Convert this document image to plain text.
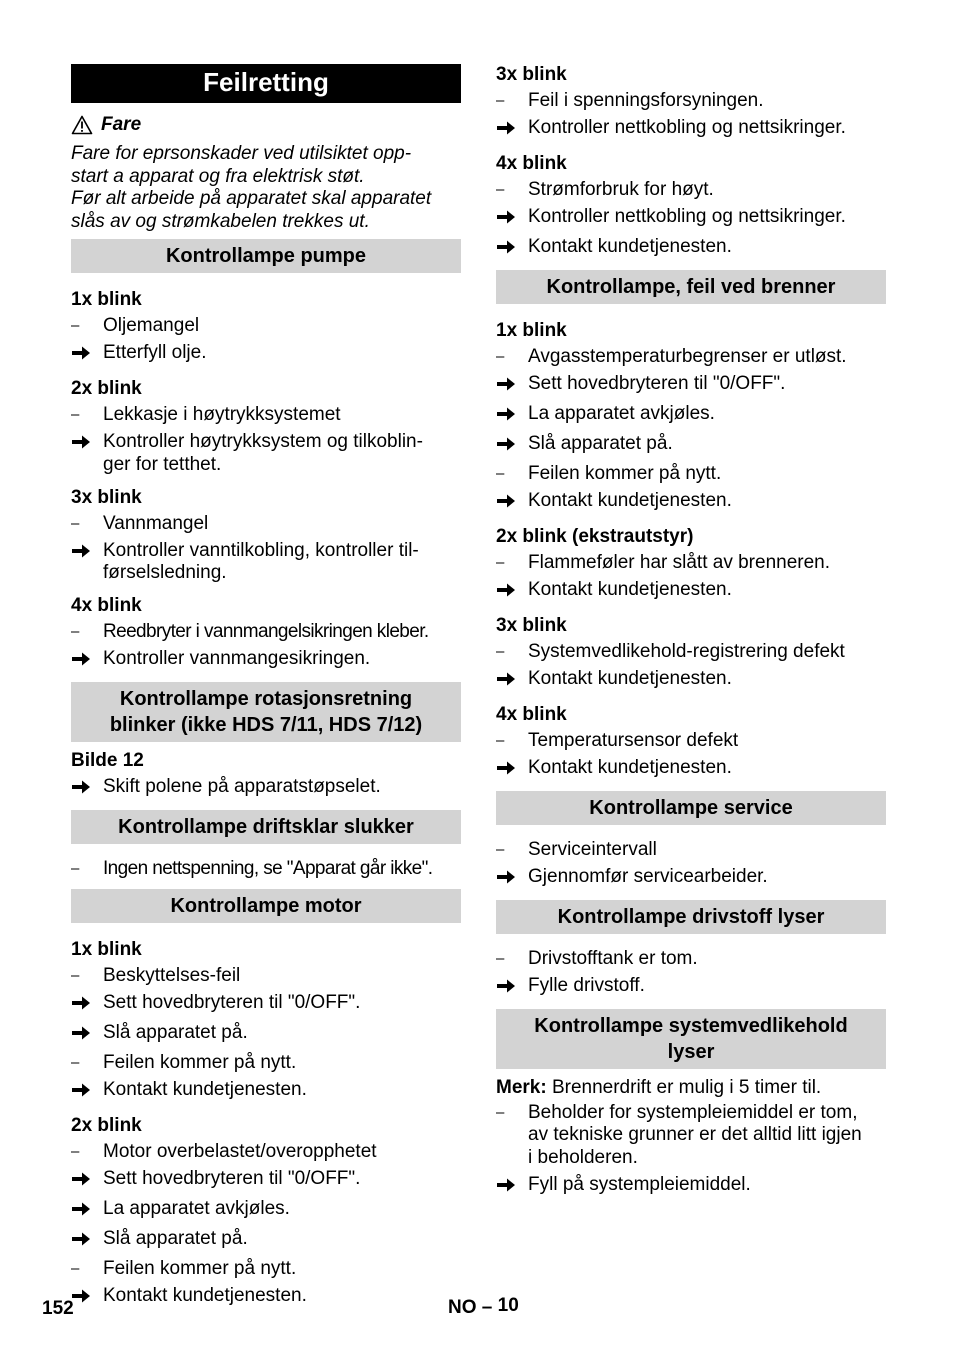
Feilretting
Fare
Fare for eprsonskader ved utilsiktet opp-
start a apparat og fra elektrisk støt.
Før alt arbeide på apparatet skal apparatet
slås av og strømkabelen trekkes ut.
Kontrollampe pumpe
1x blink
–	Oljemangel
Etterfyll olje.
2x blink
–	Lekkasje i høytrykksystemet
Kontroller høytrykksystem og tilkoblin-
ger for tetthet.
3x blink
–	Vannmangel
Kontroller vanntilkobling, kontroller til-
førselsledning.
4x blink
–	Reedbryter i vannmangelsikringen kleber.
Kontroller vannmangesikringen.
Kontrollampe rotasjonsretning
blinker (ikke HDS 7/11, HDS 7/12)
Bilde 12
Skift polene på apparatstøpselet.
Kontrollampe driftsklar slukker
–	Ingen nettspenning, se "Apparat går ikke".
Kontrollampe motor
1x blink
–	Beskyttelses-feil
Sett hovedbryteren til "0/OFF".
Slå apparatet på.
–	Feilen kommer på nytt.
Kontakt kundetjenesten.
2x blink
–	Motor overbelastet/overopphetet
Sett hovedbryteren til "0/OFF".
La apparatet avkjøles.
Slå apparatet på.
–	Feilen kommer på nytt.
Kontakt kundetjenesten.
3x blink
–	Feil i spenningsforsyningen.
Kontroller nettkobling og nettsikringer.
4x blink
–	Strømforbruk for høyt.
Kontroller nettkobling og nettsikringer.
Kontakt kundetjenesten.
Kontrollampe, feil ved brenner
1x blink
–	Avgasstemperaturbegrenser er utløst.
Sett hovedbryteren til "0/OFF".
La apparatet avkjøles.
Slå apparatet på.
–	Feilen kommer på nytt.
Kontakt kundetjenesten.
2x blink (ekstrautstyr)
–	Flammeføler har slått av brenneren.
Kontakt kundetjenesten.
3x blink
–	Systemvedlikehold-registrering defekt
Kontakt kundetjenesten.
4x blink
–	Temperatursensor defekt
Kontakt kundetjenesten.
Kontrollampe service
–	Serviceintervall
Gjennomfør servicearbeider.
Kontrollampe drivstoff lyser
–	Drivstofftank er tom.
Fylle drivstoff.
Kontrollampe systemvedlikehold
lyser
Merk: Brennerdrift er mulig i 5 timer til.
–	Beholder for systempleiemiddel er tom,
av tekniske grunner er det alltid litt igjen
i beholderen.
Fyll på systempleiemiddel.
152	NO – 10
